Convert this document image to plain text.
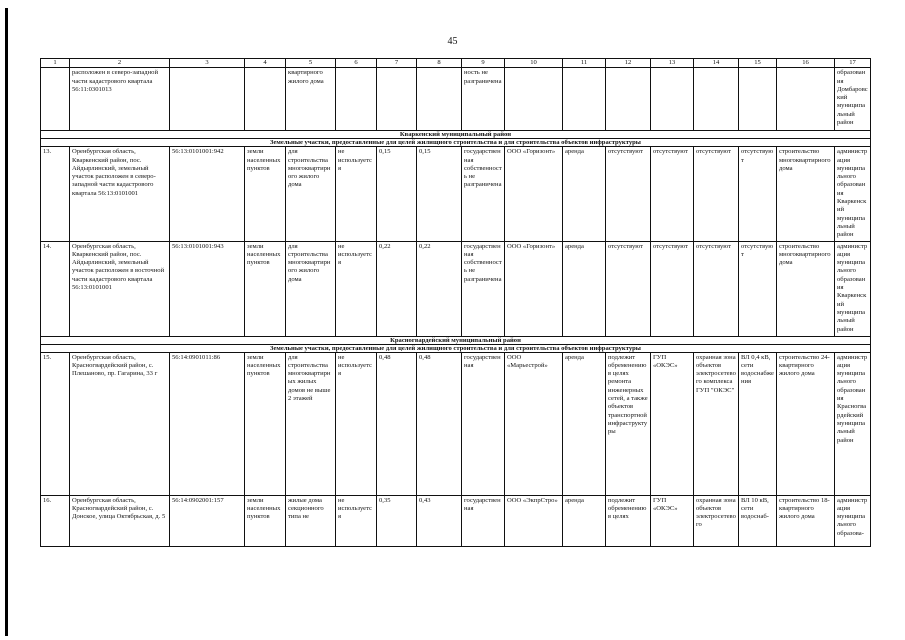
45
1	2	3	4	5	6	7	8	9	10	11	12	13	14	15	16	17
	расположен в северо-западной части кадастрового квартала 56:11:0301013			квартирного жилого дома				ность не разграничена								образования Домбаровский муниципальный район
Кваркенский муниципальный район																
Земельные участки, предоставленные для целей жилищного строительства и для строительства объектов инфраструктуры																
13.	Оренбургская область, Кваркенский район, пос. Айдырлинский, земельный участок расположен в северо-западной части кадастрового квартала 56:13:0101001	56:13:0101001:942	земли населенных пунктов	для строительства многоквартирного жилого дома	не используется	0,15	0,15	государственная собственность не разграничена	ООО «Горизонт»	аренда	отсутствуют	отсутствуют	отсутствуют	отсутствуют	строительство многоквартирного дома	администрация муниципального образования Кваркенский муниципальный район
14.	Оренбургская область, Кваркенский район, пос. Айдырлинский, земельный участок расположен в восточной части кадастрового квартала 56:13:0101001	56:13:0101001:943	земли населенных пунктов	для строительства многоквартирного жилого дома	не используется	0,22	0,22	государственная собственность не разграничена	ООО «Горизонт»	аренда	отсутствуют	отсутствуют	отсутствуют	отсутствуют	строительство многоквартирного дома	администрация муниципального образования Кваркенский муниципальный район
Красногвардейский муниципальный район																
Земельные участки, предоставленные для целей жилищного строительства и для строительства объектов инфраструктуры																
15.	Оренбургская область, Красногвардейский район, с. Плешаново, пр. Гагарина, 33 г	56:14:0901011:86	земли населенных пунктов	для строительства многоквартирных жилых домов не выше 2 этажей	не используется	0,48	0,48	государственная	ООО «Марьестрой»	аренда	подлежит обременению в целях ремонта инженерных сетей, а также объектов транспортной инфраструктуры	ГУП «ОКЭС»	охранная зона объектов электросетевого комплекса ГУП "ОКЭС"	ВЛ 0,4 кВ, сети водоснабжения	строительство 24-квартирного жилого дома	администрация муниципального образования Красногвардейский муниципальный район
16.	Оренбургская область, Красногвардейский район, с. Донское, улица Октябрьская, д. 5	56:14:0902001:157	земли населенных пунктов	жилые дома секционного типа не	не используется	0,35	0,43	государственная	ООО «ЭкпрСтро»	аренда	подлежит обременению в целях	ГУП «ОКЭС»	охранная зона объектов электросетевого	ВЛ 10 кВ, сети водоснаб-	строительство 18-квартирного жилого дома	администрация муниципального образова-
